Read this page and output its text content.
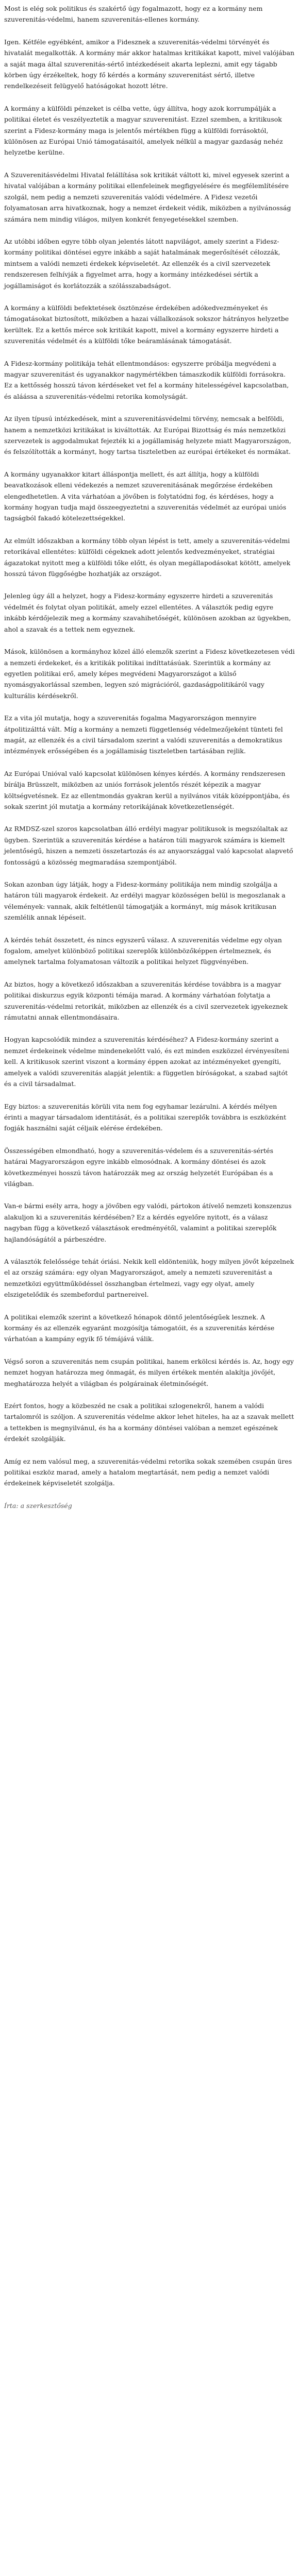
Most is elég sok politikus és szakértő úgy fogalmazott, hogy ez a kormány nem szuverenitás-védelmi, hanem szuverenitás-ellenes kormány.

Igen. Kétféle egyébként, amikor a Fidesznek a szuverenitás-védelmi törvényét és hivatalát megalkották. A kormány már akkor hatalmas kritikákat kapott, mivel valójában a saját maga által szuverenitás-sértő intézkedéseit akarta leplezni, amit egy tágabb körben úgy érzékeltek, hogy fő kérdés a kormány szuverenitást sértő, illetve rendelkezéseit felügyelő hatóságokat hozott létre.

A kormány a külföldi pénzeket is célba vette, úgy állítva, hogy azok korrumpálják a politikai életet és veszélyeztetik a magyar szuverenitást. Ezzel szemben, a kritikusok szerint a Fidesz-kormány maga is jelentős mértékben függ a külföldi forrásoktól, különösen az Európai Unió támogatásaitól, amelyek nélkül a magyar gazdaság nehéz helyzetbe kerülne.

A Szuverenitásvédelmi Hivatal felállítása sok kritikát váltott ki, mivel egyesek szerint a hivatal valójában a kormány politikai ellenfeleinek megfigyelésére és megfélemlítésére szolgál, nem pedig a nemzeti szuverenitás valódi védelmére. A Fidesz vezetői folyamatosan arra hivatkoznak, hogy a nemzet érdekeit védik, miközben a nyilvánosság számára nem mindig világos, milyen konkrét fenyegetésekkel szemben.

Az utóbbi időben egyre több olyan jelentés látott napvilágot, amely szerint a Fidesz-kormány politikai döntései egyre inkább a saját hatalmának megerősítését célozzák, mintsem a valódi nemzeti érdekek képviseletét. Az ellenzék és a civil szervezetek rendszeresen felhívják a figyelmet arra, hogy a kormány intézkedései sértik a jogállamiságot és korlátozzák a szólásszabadságot.

A kormány a külföldi befektetések ösztönzése érdekében adókedvezményeket és támogatásokat biztosított, miközben a hazai vállalkozások sokszor hátrányos helyzetbe kerültek. Ez a kettős mérce sok kritikát kapott, mivel a kormány egyszerre hirdeti a szuverenitás védelmét és a külföldi tőke beáramlásának támogatását.

A Fidesz-kormány politikája tehát ellentmondásos: egyszerre próbálja megvédeni a magyar szuverenitást és ugyanakkor nagymértékben támaszkodik külföldi forrásokra. Ez a kettősség hosszú távon kérdéseket vet fel a kormány hitelességével kapcsolatban, és aláássa a szuverenitás-védelmi retorika komolyságát.

Az ilyen típusú intézkedések, mint a szuverenitásvédelmi törvény, nemcsak a belföldi, hanem a nemzetközi kritikákat is kiváltották. Az Európai Bizottság és más nemzetközi szervezetek is aggodalmukat fejezték ki a jogállamiság helyzete miatt Magyarországon, és felszólították a kormányt, hogy tartsa tiszteletben az európai értékeket és normákat.

A kormány ugyanakkor kitart álláspontja mellett, és azt állítja, hogy a külföldi beavatkozások elleni védekezés a nemzet szuverenitásának megőrzése érdekében elengedhetetlen. A vita várhatóan a jövőben is folytatódni fog, és kérdéses, hogy a kormány hogyan tudja majd összeegyeztetni a szuverenitás védelmét az európai uniós tagságból fakadó kötelezettségekkel.

Az elmúlt időszakban a kormány több olyan lépést is tett, amely a szuverenitás-védelmi retorikával ellentétes: külföldi cégeknek adott jelentős kedvezményeket, stratégiai ágazatokat nyitott meg a külföldi tőke előtt, és olyan megállapodásokat kötött, amelyek hosszú távon függőségbe hozhatják az országot.

Jelenleg úgy áll a helyzet, hogy a Fidesz-kormány egyszerre hirdeti a szuverenitás védelmét és folytat olyan politikát, amely ezzel ellentétes. A választók pedig egyre inkább kérdőjelezik meg a kormány szavahihetőségét, különösen azokban az ügyekben, ahol a szavak és a tettek nem egyeznek.

Mások, különösen a kormányhoz közel álló elemzők szerint a Fidesz következetesen védi a nemzeti érdekeket, és a kritikák politikai indíttatásúak. Szerintük a kormány az egyetlen politikai erő, amely képes megvédeni Magyarországot a külső nyomásgyakorlással szemben, legyen szó migrációról, gazdaságpolitikáról vagy kulturális kérdésekről.

Ez a vita jól mutatja, hogy a szuverenitás fogalma Magyarországon mennyire átpolitizálttá vált. Míg a kormány a nemzeti függetlenség védelmezőjeként tünteti fel magát, az ellenzék és a civil társadalom szerint a valódi szuverenitás a demokratikus intézmények erősségében és a jogállamiság tiszteletben tartásában rejlik.

Az Európai Unióval való kapcsolat különösen kényes kérdés. A kormány rendszeresen bírálja Brüsszelt, miközben az uniós források jelentős részét képezik a magyar költségvetésnek. Ez az ellentmondás gyakran kerül a nyilvános viták középpontjába, és sokak szerint jól mutatja a kormány retorikájának következetlenségét.

Az RMDSZ-szel szoros kapcsolatban álló erdélyi magyar politikusok is megszólaltak az ügyben. Szerintük a szuverenitás kérdése a határon túli magyarok számára is kiemelt jelentőségű, hiszen a nemzeti összetartozás és az anyaországgal való kapcsolat alapvető fontosságú a közösség megmaradása szempontjából.

Sokan azonban úgy látják, hogy a Fidesz-kormány politikája nem mindig szolgálja a határon túli magyarok érdekeit. Az erdélyi magyar közösségen belül is megoszlanak a vélemények: vannak, akik feltétlenül támogatják a kormányt, míg mások kritikusan szemlélik annak lépéseit.

A kérdés tehát összetett, és nincs egyszerű válasz. A szuverenitás védelme egy olyan fogalom, amelyet különböző politikai szereplők különbözőképpen értelmeznek, és amelynek tartalma folyamatosan változik a politikai helyzet függvényében.

Az biztos, hogy a következő időszakban a szuverenitás kérdése továbbra is a magyar politikai diskurzus egyik központi témája marad. A kormány várhatóan folytatja a szuverenitás-védelmi retorikát, miközben az ellenzék és a civil szervezetek igyekeznek rámutatni annak ellentmondásaira.

Hogyan kapcsolódik mindez a szuverenitás kérdéséhez? A Fidesz-kormány szerint a nemzet érdekeinek védelme mindenekelőtt való, és ezt minden eszközzel érvényesíteni kell. A kritikusok szerint viszont a kormány éppen azokat az intézményeket gyengíti, amelyek a valódi szuverenitás alapját jelentik: a független bíróságokat, a szabad sajtót és a civil társadalmat.

Egy biztos: a szuverenitás körüli vita nem fog egyhamar lezárulni. A kérdés mélyen érinti a magyar társadalom identitását, és a politikai szereplők továbbra is eszközként fogják használni saját céljaik elérése érdekében.

Összességében elmondható, hogy a szuverenitás-védelem és a szuverenitás-sértés határai Magyarországon egyre inkább elmosódnak. A kormány döntései és azok következményei hosszú távon határozzák meg az ország helyzetét Európában és a világban.

Van-e bármi esély arra, hogy a jövőben egy valódi, pártokon átívelő nemzeti konszenzus alakuljon ki a szuverenitás kérdésében? Ez a kérdés egyelőre nyitott, és a válasz nagyban függ a következő választások eredményétől, valamint a politikai szereplők hajlandóságától a párbeszédre.

A választók felelőssége tehát óriási. Nekik kell eldönteniük, hogy milyen jövőt képzelnek el az ország számára: egy olyan Magyarországot, amely a nemzeti szuverenitást a nemzetközi együttműködéssel összhangban értelmezi, vagy egy olyat, amely elszigetelődik és szembefordul partnereivel.

A politikai elemzők szerint a következő hónapok döntő jelentőségűek lesznek. A kormány és az ellenzék egyaránt mozgósítja támogatóit, és a szuverenitás kérdése várhatóan a kampány egyik fő témájává válik.

Végső soron a szuverenitás nem csupán politikai, hanem erkölcsi kérdés is. Az, hogy egy nemzet hogyan határozza meg önmagát, és milyen értékek mentén alakítja jövőjét, meghatározza helyét a világban és polgárainak életminőségét.

Ezért fontos, hogy a közbeszéd ne csak a politikai szlogenekről, hanem a valódi tartalomról is szóljon. A szuverenitás védelme akkor lehet hiteles, ha az a szavak mellett a tettekben is megnyilvánul, és ha a kormány döntései valóban a nemzet egészének érdekét szolgálják.

Amíg ez nem valósul meg, a szuverenitás-védelmi retorika sokak szemében csupán üres politikai eszköz marad, amely a hatalom megtartását, nem pedig a nemzet valódi érdekeinek képviseletét szolgálja.

Írta: a szerkesztőség
